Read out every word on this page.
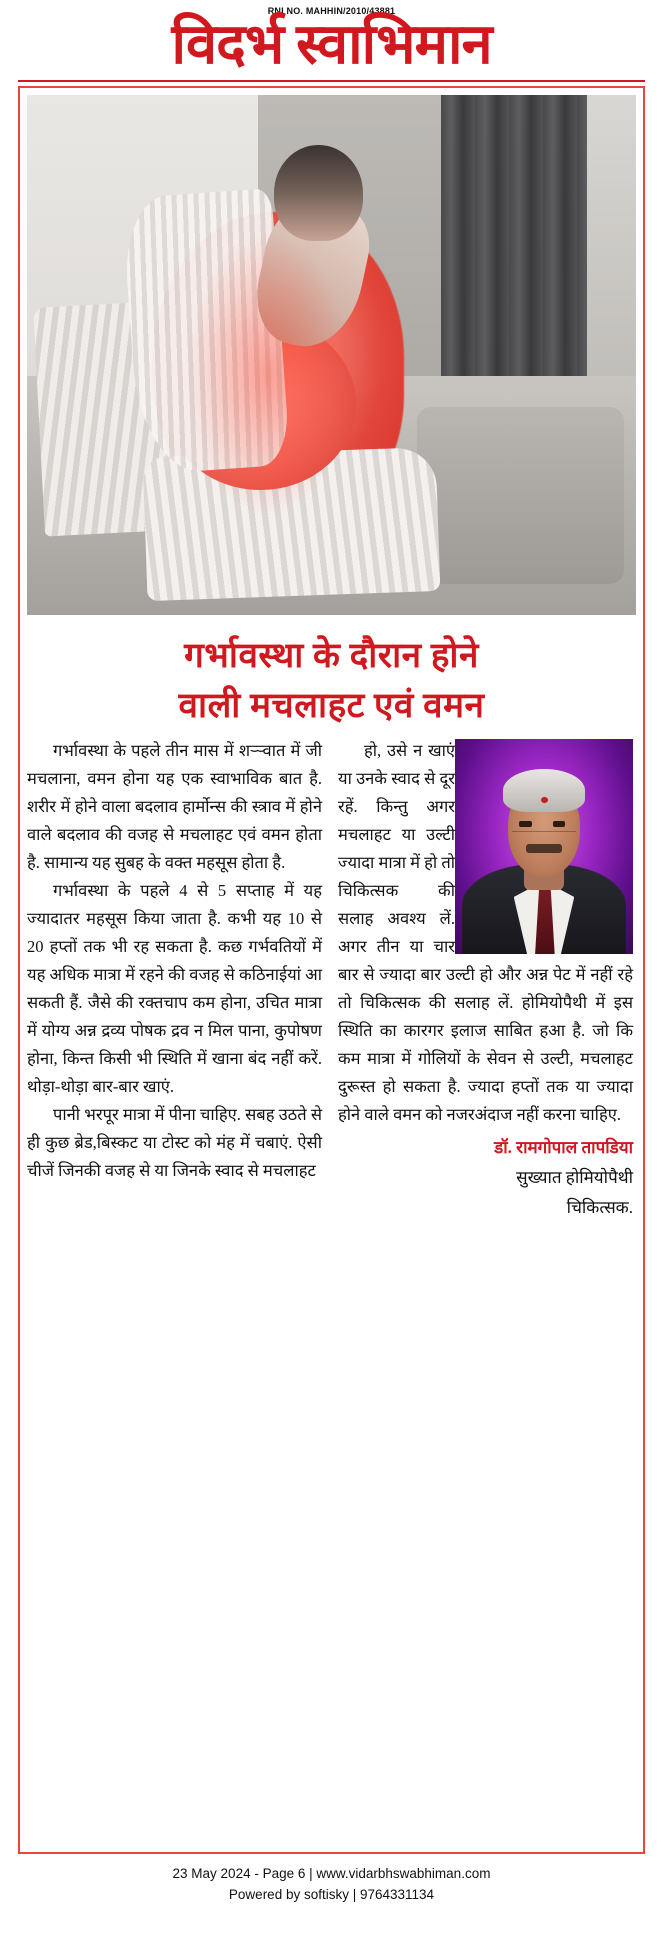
RNI NO. MAHHIN/2010/43881
विदर्भ स्वाभिमान
गर्भावस्था के दौरान होने
वाली मचलाहट एवं वमन

गर्भावस्था के पहले तीन मास में शऱ्ऱ्वात में जी मचलाना, वमन होना यह एक स्वाभाविक बात है. शरीर में होने वाला बदलाव हार्मोन्स की स्त्राव में होने वाले बदलाव की वजह से मचलाहट एवं वमन होता है. सामान्य यह सुबह के वक्त महसूस होता है.

गर्भावस्था के पहले 4 से 5 सप्ताह में यह ज्यादातर महसूस किया जाता है. कभी यह 10 से 20 हप्तों तक भी रह सकता है. कछ गर्भवतियों में यह अधिक मात्रा में रहने की वजह से कठिनाईयां आ सकती हैं. जैसे की रक्तचाप कम होना, उचित मात्रा में योग्य अन्न द्रव्य पोषक द्रव न मिल पाना, कुपोषण होना, किन्त किसी भी स्थिति में खाना बंद नहीं करें. थोड़ा-थोड़ा बार-बार खाएं.

पानी भरपूर मात्रा में पीना चाहिए. सबह उठते से ही कुछ ब्रेड,बिस्कट या टोस्ट को मंह में चबाएं. ऐसी चीजें जिनकी वजह से या जिनके स्वाद से मचलाहट

हो, उसे न खाएं या उनके स्वाद से दूर रहें. किन्तु अगर मचलाहट या उल्टी ज्यादा मात्रा में हो तो चिकित्सक की सलाह अवश्य लें. अगर तीन या चार बार से ज्यादा बार उल्टी हो और अन्न पेट में नहीं रहे तो चिकित्सक की सलाह लें. होमियोपैथी में इस स्थिति का कारगर इलाज साबित हआ है. जो कि कम मात्रा में गोलियों के सेवन से उल्टी, मचलाहट दुरूस्त हो सकता है. ज्यादा हप्तों तक या ज्यादा होने वाले वमन को नजरअंदाज नहीं करना चाहिए.

डॉ. रामगोपाल तापडिया
सुख्यात होमियोपैथी
चिकित्सक.
23 May 2024 - Page 6 | www.vidarbhswabhiman.com
Powered by softisky | 9764331134
